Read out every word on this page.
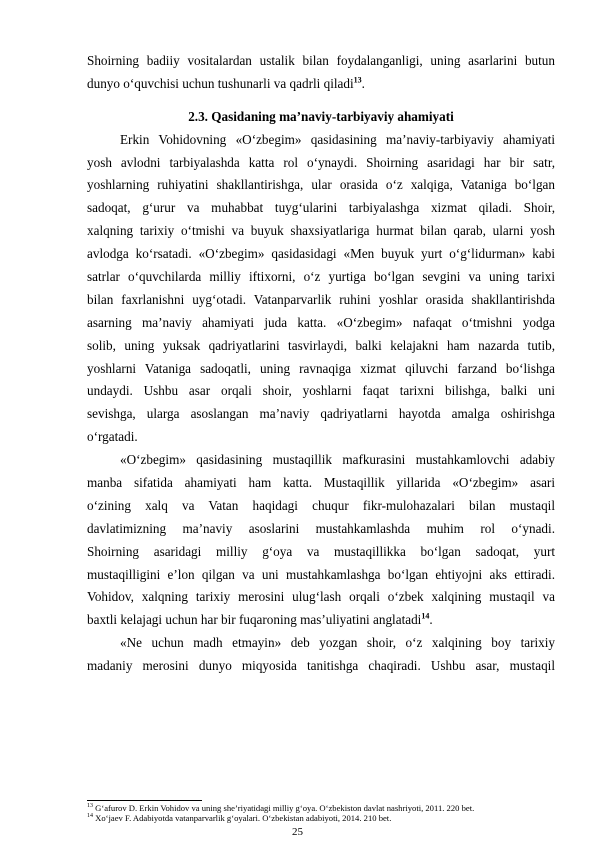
Shoirning badiiy vositalardan ustalik bilan foydalanganligi, uning asarlarini butun
dunyo o‘quvchisi uchun tushunarli va qadrli qiladi$^{13}$.
2.3. Qasidaning ma’naviy-tarbiyaviy ahamiyati
Erkin Vohidovning «O‘zbegim» qasidasining ma’naviy-tarbiyaviy ahamiyati
yosh avlodni tarbiyalashda katta rol o‘ynaydi. Shoirning asaridagi har bir satr,
yoshlarning ruhiyatini shakllantirishga, ular orasida o‘z xalqiga, Vataniga bo‘lgan
sadoqat, g‘urur va muhabbat tuyg‘ularini tarbiyalashga xizmat qiladi. Shoir,
xalqning tarixiy o‘tmishi va buyuk shaxsiyatlariga hurmat bilan qarab, ularni yosh
avlodga ko‘rsatadi. «O‘zbegim» qasidasidagi «Men buyuk yurt o‘g‘lidurman» kabi
satrlar o‘quvchilarda milliy iftixorni, o‘z yurtiga bo‘lgan sevgini va uning tarixi
bilan faxrlanishni uyg‘otadi. Vatanparvarlik ruhini yoshlar orasida shakllantirishda
asarning ma’naviy ahamiyati juda katta. «O‘zbegim» nafaqat o‘tmishni yodga
solib, uning yuksak qadriyatlarini tasvirlaydi, balki kelajakni ham nazarda tutib,
yoshlarni Vataniga sadoqatli, uning ravnaqiga xizmat qiluvchi farzand bo‘lishga
undaydi. Ushbu asar orqali shoir, yoshlarni faqat tarixni bilishga, balki uni
sevishga, ularga asoslangan ma’naviy qadriyatlarni hayotda amalga oshirishga
o‘rgatadi.
«O‘zbegim» qasidasining mustaqillik mafkurasini mustahkamlovchi adabiy
manba sifatida ahamiyati ham katta. Mustaqillik yillarida «O‘zbegim» asari
o‘zining xalq va Vatan haqidagi chuqur fikr-mulohazalari bilan mustaqil
davlatimizning ma’naviy asoslarini mustahkamlashda muhim rol o‘ynadi.
Shoirning asaridagi milliy g‘oya va mustaqillikka bo‘lgan sadoqat, yurt
mustaqilligini e’lon qilgan va uni mustahkamlashga bo‘lgan ehtiyojni aks ettiradi.
Vohidov, xalqning tarixiy merosini ulug‘lash orqali o‘zbek xalqining mustaqil va
baxtli kelajagi uchun har bir fuqaroning mas’uliyatini anglatadi$^{14}$.
«Ne uchun madh etmayin» deb yozgan shoir, o‘z xalqining boy tarixiy
madaniy merosini dunyo miqyosida tanitishga chaqiradi. Ushbu asar, mustaqil
$^{13}$ G‘afurov D. Erkin Vohidov va uning she’riyatidagi milliy g‘oya. O‘zbekiston davlat nashriyoti, 2011. 220 bet.
$^{14}$ Xo‘jaev F. Adabiyotda vatanparvarlik g‘oyalari. O‘zbekistan adabiyoti, 2014. 210 bet.
25
